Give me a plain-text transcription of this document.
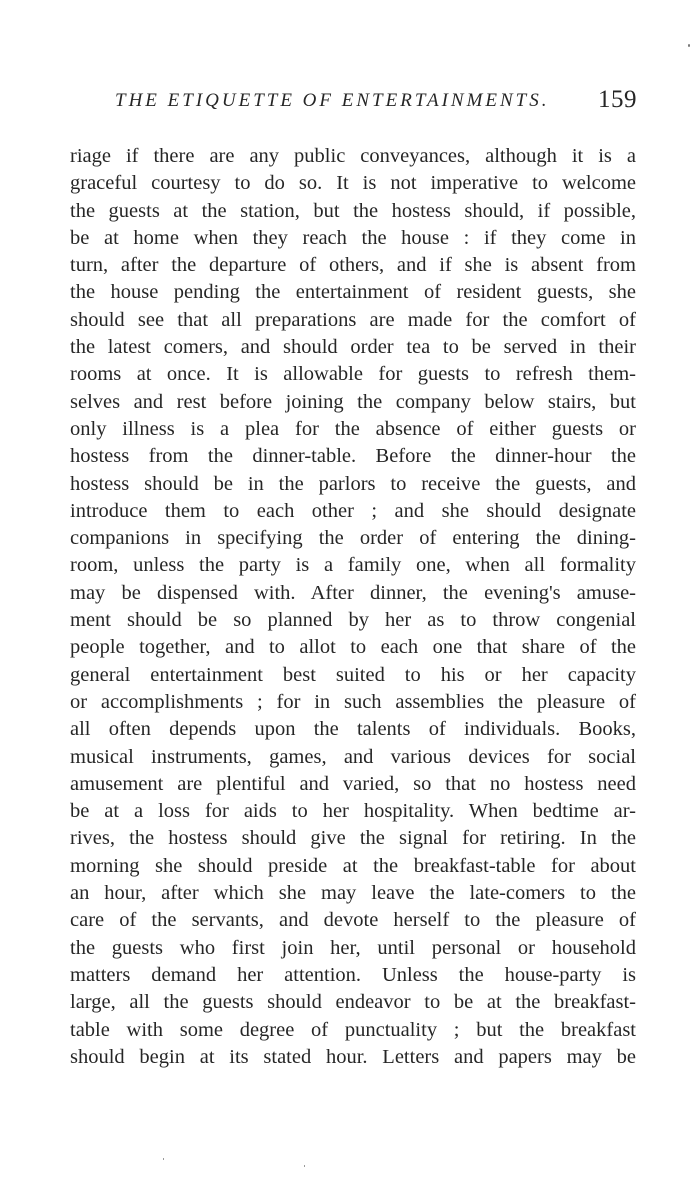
THE ETIQUETTE OF ENTERTAINMENTS. 159
riage if there are any public conveyances, although it is a
graceful courtesy to do so. It is not imperative to welcome
the guests at the station, but the hostess should, if possible,
be at home when they reach the house : if they come in
turn, after the departure of others, and if she is absent from
the house pending the entertainment of resident guests, she
should see that all preparations are made for the comfort of
the latest comers, and should order tea to be served in their
rooms at once. It is allowable for guests to refresh them-
selves and rest before joining the company below stairs, but
only illness is a plea for the absence of either guests or
hostess from the dinner-table. Before the dinner-hour the
hostess should be in the parlors to receive the guests, and
introduce them to each other ; and she should designate
companions in specifying the order of entering the dining-
room, unless the party is a family one, when all formality
may be dispensed with. After dinner, the evening's amuse-
ment should be so planned by her as to throw congenial
people together, and to allot to each one that share of the
general entertainment best suited to his or her capacity
or accomplishments ; for in such assemblies the pleasure of
all often depends upon the talents of individuals. Books,
musical instruments, games, and various devices for social
amusement are plentiful and varied, so that no hostess need
be at a loss for aids to her hospitality. When bedtime ar-
rives, the hostess should give the signal for retiring. In the
morning she should preside at the breakfast-table for about
an hour, after which she may leave the late-comers to the
care of the servants, and devote herself to the pleasure of
the guests who first join her, until personal or household
matters demand her attention. Unless the house-party is
large, all the guests should endeavor to be at the breakfast-
table with some degree of punctuality ; but the breakfast
should begin at its stated hour. Letters and papers may be
